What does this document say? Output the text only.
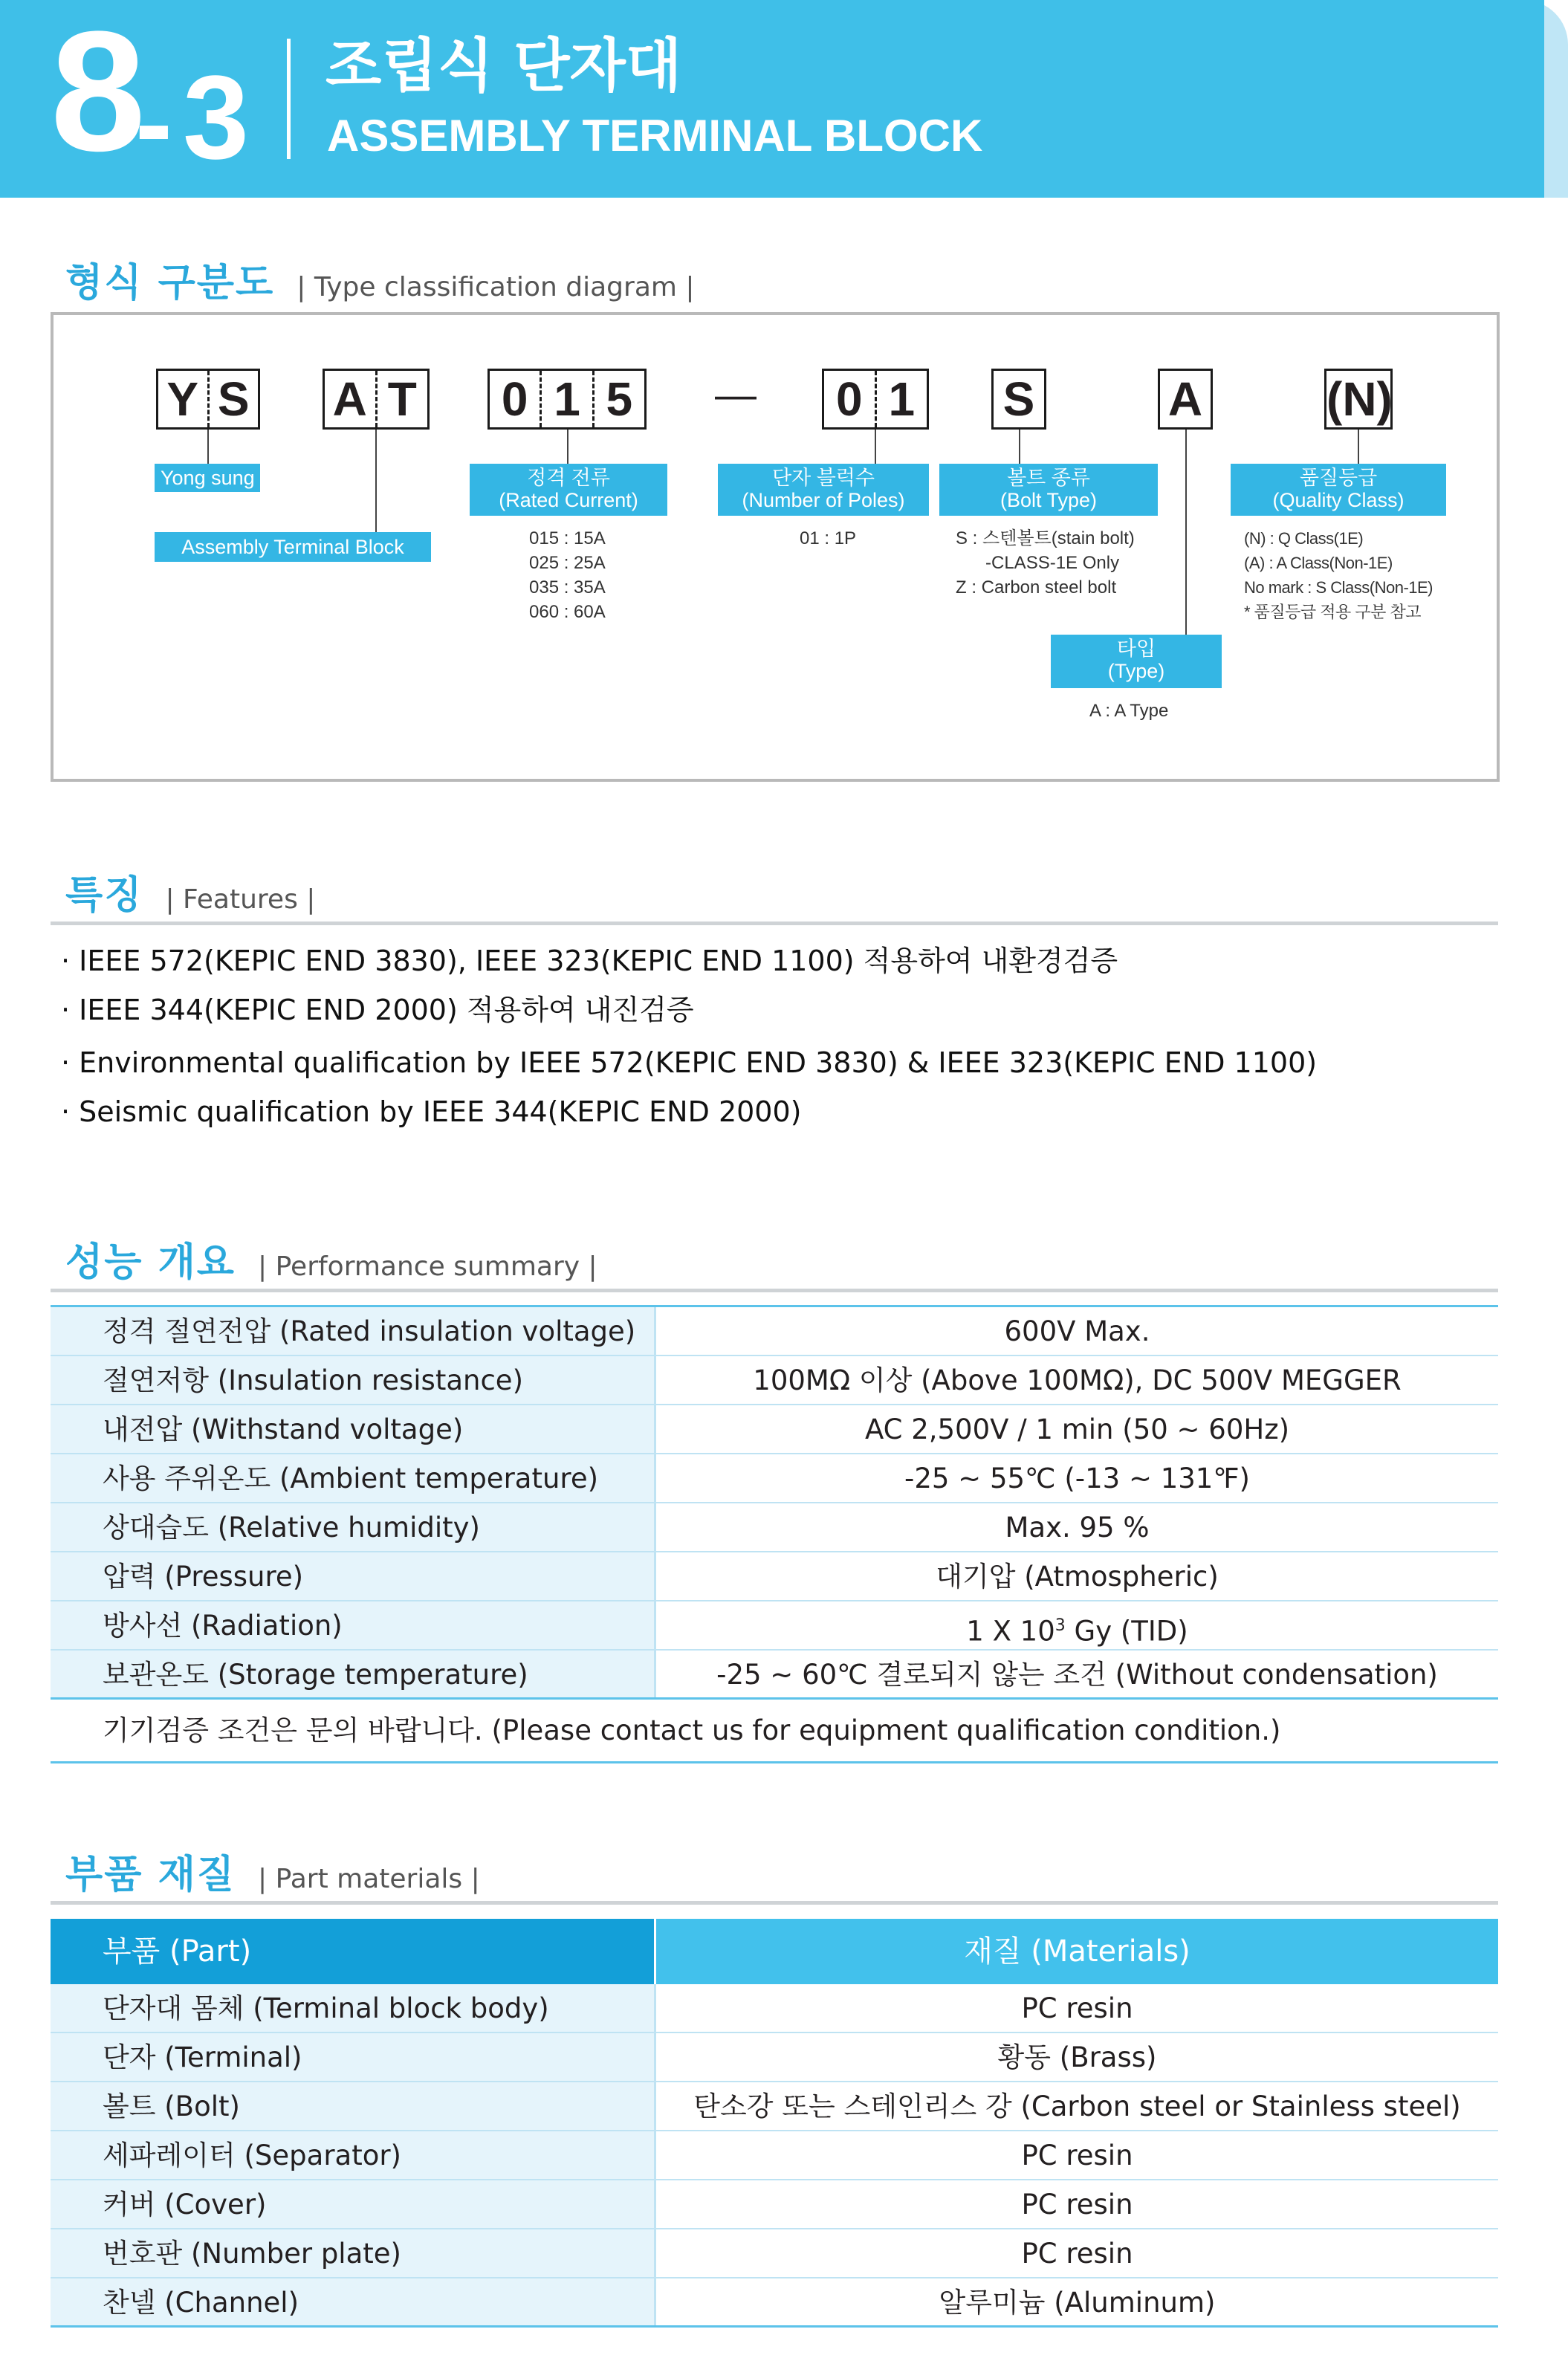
8
- 3 조립식 단자대
ASSEMBLY TERMINAL BLOCK
형식 구분도 | Type classification diagram |
Y S A T 0 1 5 — 0 1 S	A	(N)
Yong sung
Assembly Terminal Block
정격 전류
(Rated Current)
단자 블럭수
(Number of Poles)
볼트 종류
(Bolt Type)
품질등급
(Quality Class)
타입
(Type)
015 : 15A
025 : 25A
035 : 35A
060 : 60A
01 : 1P	S : 스텐볼트(stain bolt)
-CLASS-1E Only
Z : Carbon steel bolt
(N) : Q Class(1E)
(A) : A Class(Non-1E)
No mark : S Class(Non-1E)
* 품질등급 적용 구분 참고
A : A Type
특징 | Features |
· IEEE 572(KEPIC END 3830), IEEE 323(KEPIC END 1100) 적용하여 내환경검증
· IEEE 344(KEPIC END 2000) 적용하여 내진검증
· Environmental qualification by IEEE 572(KEPIC END 3830) & IEEE 323(KEPIC END 1100)
· Seismic qualification by IEEE 344(KEPIC END 2000)
성능 개요 | Performance summary |
정격 절연전압 (Rated insulation voltage)	600V Max.
절연저항 (Insulation resistance)	100MΩ 이상 (Above 100MΩ), DC 500V MEGGER
내전압 (Withstand voltage)	AC 2,500V / 1 min (50 ~ 60Hz)
사용 주위온도 (Ambient temperature)	-25 ~ 55℃ (-13 ~ 131℉)
상대습도 (Relative humidity)	Max. 95 %
압력 (Pressure)	대기압 (Atmospheric)
방사선 (Radiation)	1 X $10^3$ Gy (TID)
보관온도 (Storage temperature)	-25 ~ 60℃ 결로되지 않는 조건 (Without condensation)
기기검증 조건은 문의 바랍니다. (Please contact us for equipment qualification condition.)
부품 재질 | Part materials |
부품 (Part)	재질 (Materials)
단자대 몸체 (Terminal block body)	PC resin
단자 (Terminal)	황동 (Brass)
볼트 (Bolt)	탄소강 또는 스테인리스 강 (Carbon steel or Stainless steel)
세파레이터 (Separator)	PC resin
커버 (Cover)	PC resin
번호판 (Number plate)	PC resin
찬넬 (Channel)	알루미늄 (Aluminum)
